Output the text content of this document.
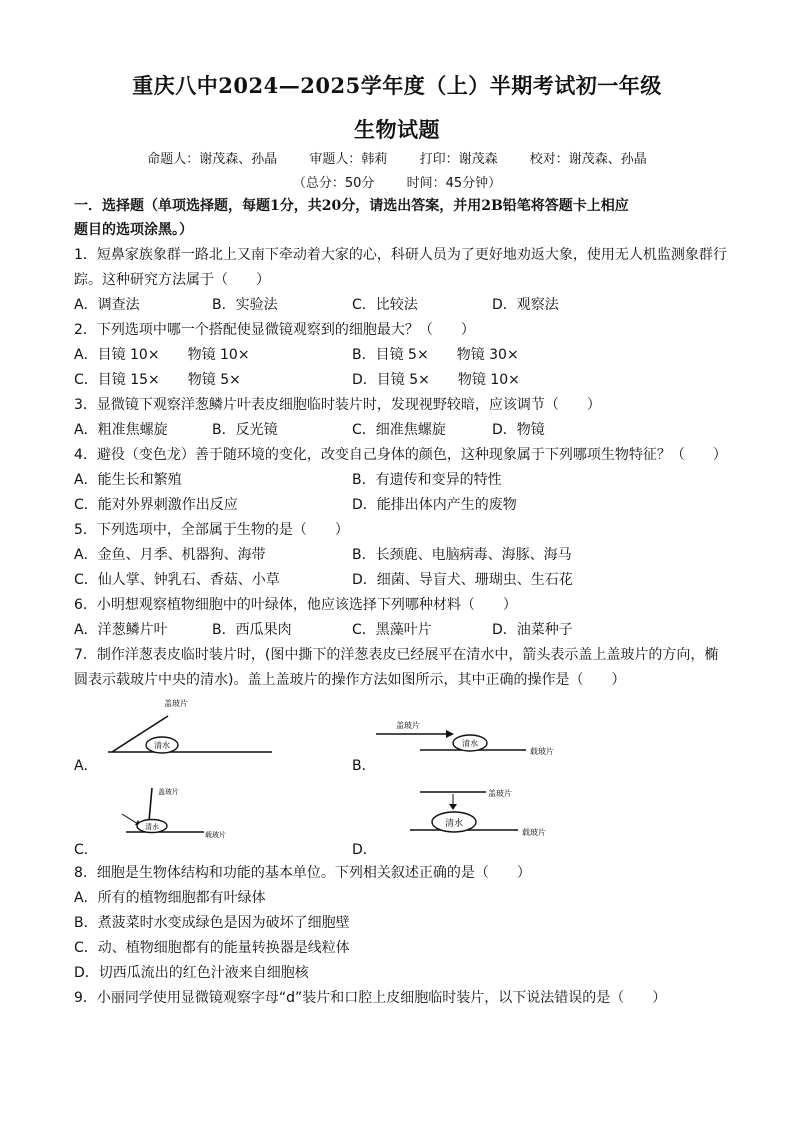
重庆八中2024—2025学年度（上）半期考试初一年级
生物试题
命题人：谢茂森、孙晶 审题人：韩莉 打印：谢茂森 校对：谢茂森、孙晶
（总分：50分 时间：45分钟）
一．选择题（单项选择题，每题1分，共20分，请选出答案，并用2B铅笔将答题卡上相应
题目的选项涂黑。）
1．短鼻家族象群一路北上又南下牵动着大家的心，科研人员为了更好地劝返大象，使用无人机监测象群行
踪。这种研究方法属于（　　）
A．调查法	B．实验法	C．比较法	D．观察法
2．下列选项中哪一个搭配使显微镜观察到的细胞最大？（　　）
A．目镜 10×　　物镜 10×	B．目镜 5×　　物镜 30×
C．目镜 15×　　物镜 5×	D．目镜 5×　　物镜 10×
3．显微镜下观察洋葱鳞片叶表皮细胞临时装片时，发现视野较暗，应该调节（　　）
A．粗准焦螺旋	B．反光镜	C．细准焦螺旋	D．物镜
4．避役（变色龙）善于随环境的变化，改变自己身体的颜色，这种现象属于下列哪项生物特征？（　　）
A．能生长和繁殖	B．有遗传和变异的特性
C．能对外界刺激作出反应	D．能排出体内产生的废物
5．下列选项中，全部属于生物的是（　　）
A．金鱼、月季、机器狗、海带	B．长颈鹿、电脑病毒、海豚、海马
C．仙人掌、钟乳石、香菇、小草	D．细菌、导盲犬、珊瑚虫、生石花
6．小明想观察植物细胞中的叶绿体，他应该选择下列哪种材料（　　）
A．洋葱鳞片叶	B．西瓜果肉	C．黑藻叶片	D．油菜种子
7．制作洋葱表皮临时装片时，(图中撕下的洋葱表皮已经展平在清水中，箭头表示盖上盖玻片的方向，椭
圆表示载玻片中央的清水)。盖上盖玻片的操作方法如图所示，其中正确的操作是（　　）
A．
清水
盖玻片
B．
清水
盖玻片
载玻片
C．
清水
盖玻片
载玻片
D．
清水
盖玻片
载玻片
8．细胞是生物体结构和功能的基本单位。下列相关叙述正确的是（　　）
A．所有的植物细胞都有叶绿体
B．煮菠菜时水变成绿色是因为破坏了细胞壁
C．动、植物细胞都有的能量转换器是线粒体
D．切西瓜流出的红色汁液来自细胞核
9．小丽同学使用显微镜观察字母“d”装片和口腔上皮细胞临时装片，以下说法错误的是（　　）
